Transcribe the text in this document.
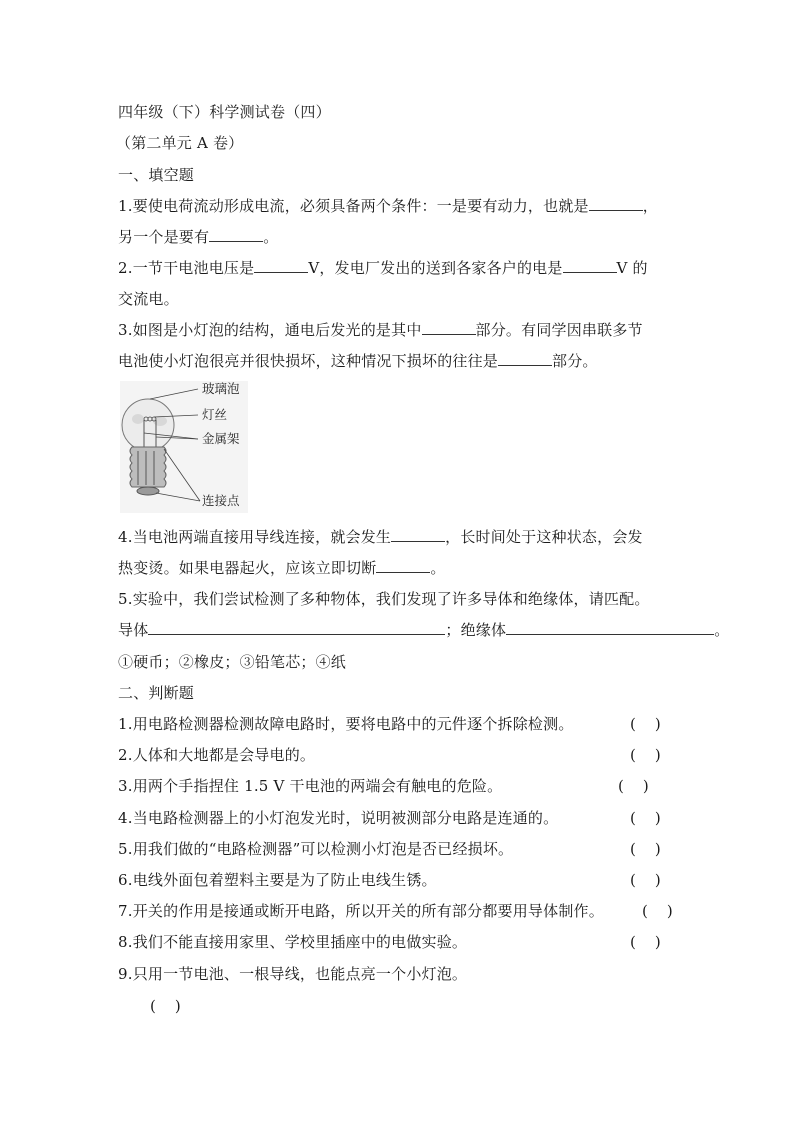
四年级（下）科学测试卷（四）
（第二单元 A 卷）
一、填空题
1.要使电荷流动形成电流，必须具备两个条件：一是要有动力，也就是	，
另一个是要有	。
2.一节干电池电压是	V，发电厂发出的送到各家各户的电是	V 的
交流电。
3.如图是小灯泡的结构，通电后发光的是其中	部分。有同学因串联多节
电池使小灯泡很亮并很快损坏，这种情况下损坏的往往是	部分。
玻璃泡
灯丝
金属架
连接点
4.当电池两端直接用导线连接，就会发生	，长时间处于这种状态，会发
热变烫。如果电器起火，应该立即切断	。
5.实验中，我们尝试检测了多种物体，我们发现了许多导体和绝缘体，请匹配。
导体	；绝缘体	。
①硬币；②橡皮；③铅笔芯；④纸
二、判断题
1.用电路检测器检测故障电路时，要将电路中的元件逐个拆除检测。	(    )
2.人体和大地都是会导电的。	(    )
3.用两个手指捏住 1.5 V 干电池的两端会有触电的危险。	(    )
4.当电路检测器上的小灯泡发光时，说明被测部分电路是连通的。	(    )
5.用我们做的“电路检测器”可以检测小灯泡是否已经损坏。	(    )
6.电线外面包着塑料主要是为了防止电线生锈。	(    )
7.开关的作用是接通或断开电路，所以开关的所有部分都要用导体制作。	(    )
8.我们不能直接用家里、学校里插座中的电做实验。	(    )
9.只用一节电池、一根导线，也能点亮一个小灯泡。
(    )
